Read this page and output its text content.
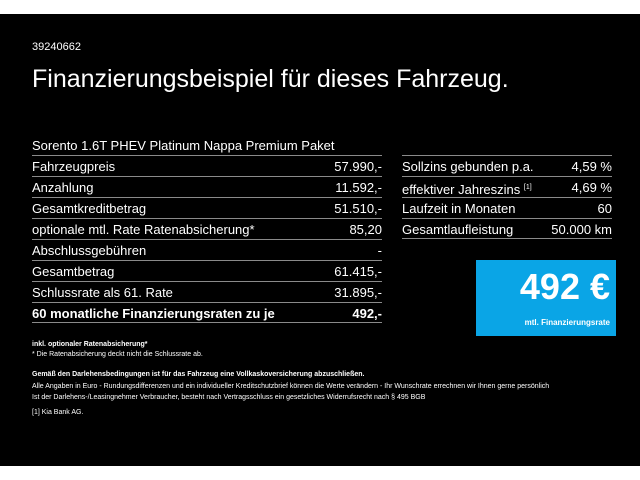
39240662
Finanzierungsbeispiel für dieses Fahrzeug.
Sorento 1.6T PHEV Platinum Nappa Premium Paket
Fahrzeugpreis	57.990,-
Anzahlung	11.592,-
Gesamtkreditbetrag	51.510,-
optionale mtl. Rate Ratenabsicherung*	85,20
Abschlussgebühren	-
Gesamtbetrag	61.415,-
Schlussrate als 61. Rate	31.895,-
60 monatliche Finanzierungsraten zu je	492,-
Sollzins gebunden p.a.	4,59 %
effektiver Jahreszins [1]	4,69 %
Laufzeit in Monaten	60
Gesamtlaufleistung	50.000 km
492 €
mtl. Finanzierungsrate
inkl. optionaler Ratenabsicherung*
* Die Ratenabsicherung deckt nicht die Schlussrate ab.
Gemäß den Darlehensbedingungen ist für das Fahrzeug eine Vollkaskoversicherung abzuschließen.
Alle Angaben in Euro - Rundungsdifferenzen und ein individueller Kreditschutzbrief können die Werte verändern - Ihr Wunschrate errechnen wir Ihnen gerne persönlich
Ist der Darlehens-/Leasingnehmer Verbraucher, besteht nach Vertragsschluss ein gesetzliches Widerrufsrecht nach § 495 BGB
[1] Kia Bank AG.
